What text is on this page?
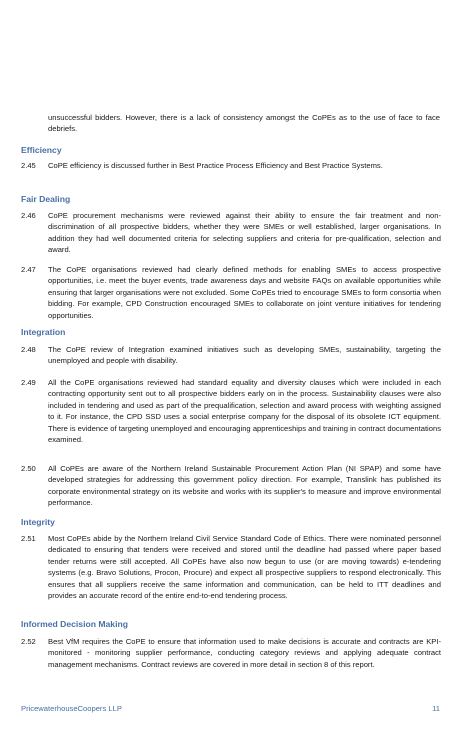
unsuccessful bidders. However, there is a lack of consistency amongst the CoPEs as to the use of face to face debriefs.
Efficiency
2.45	CoPE efficiency is discussed further in Best Practice Process Efficiency and Best Practice Systems.
Fair Dealing
2.46	CoPE procurement mechanisms were reviewed against their ability to ensure the fair treatment and non-discrimination of all prospective bidders, whether they were SMEs or well established, larger organisations. In addition they had well documented criteria for selecting suppliers and criteria for pre-qualification, selection and award.
2.47	The CoPE organisations reviewed had clearly defined methods for enabling SMEs to access prospective opportunities, i.e. meet the buyer events, trade awareness days and website FAQs on available opportunities while ensuring that larger organisations were not excluded. Some CoPEs tried to encourage SMEs to form consortia when bidding. For example, CPD Construction encouraged SMEs to collaborate on joint venture initiatives for tendering opportunities.
Integration
2.48	The CoPE review of Integration examined initiatives such as developing SMEs, sustainability, targeting the unemployed and people with disability.
2.49	All the CoPE organisations reviewed had standard equality and diversity clauses which were included in each contracting opportunity sent out to all prospective bidders early on in the process. Sustainability clauses were also included in tendering and used as part of the prequalification, selection and award process with weighting assigned to it. For instance, the CPD SSD uses a social enterprise company for the disposal of its obsolete ICT equipment. There is evidence of targeting unemployed and encouraging apprenticeships and training in contract documentations examined.
2.50	All CoPEs are aware of the Northern Ireland Sustainable Procurement Action Plan (NI SPAP) and some have developed strategies for addressing this government policy direction. For example, Translink has published its corporate environmental strategy on its website and works with its supplier's to measure and improve environmental performance.
Integrity
2.51	Most CoPEs abide by the Northern Ireland Civil Service Standard Code of Ethics. There were nominated personnel dedicated to ensuring that tenders were received and stored until the deadline had passed where paper based tender returns were still accepted. All CoPEs have also now begun to use (or are moving towards) e-tendering systems (e.g. Bravo Solutions, Procon, Procure) and expect all prospective suppliers to respond electronically. This ensures that all suppliers receive the same information and communication, can be held to ITT deadlines and provides an accurate record of the entire end-to-end tendering process.
Informed Decision Making
2.52	Best VfM requires the CoPE to ensure that information used to make decisions is accurate and contracts are KPI-monitored - monitoring supplier performance, conducting category reviews and applying adequate contract management mechanisms. Contract reviews are covered in more detail in section 8 of this report.
PricewaterhouseCoopers LLP	11
